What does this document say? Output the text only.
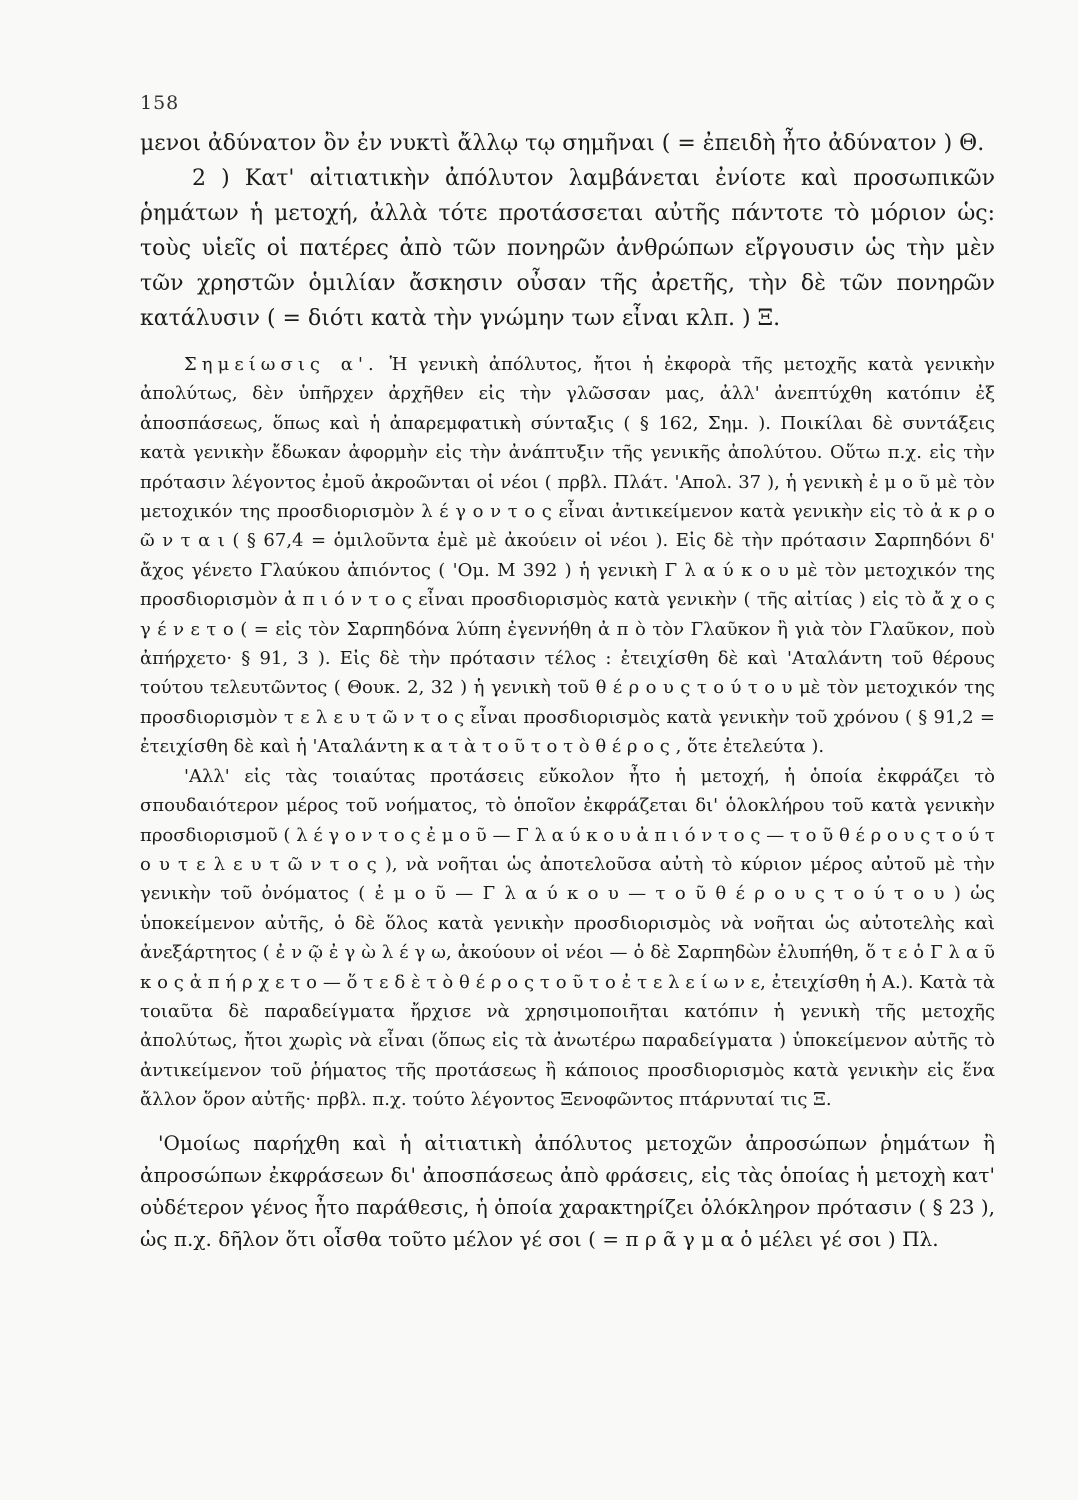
158

μενοι ἀδύνατον ὂν ἐν νυκτὶ ἄλλῳ τῳ σημῆναι ( = ἐπειδὴ ἦτο ἀδύνατον ) Θ.

2 ) Κατ' αἰτιατικὴν ἀπόλυτον λαμβάνεται ἐνίοτε καὶ προσωπικῶν ῥημάτων ἡ μετοχή, ἀλλὰ τότε προτάσσεται αὐτῆς πάντοτε τὸ μόριον ὡς: τοὺς υἱεῖς οἱ πατέρες ἀπὸ τῶν πονηρῶν ἀνθρώπων εἴργουσιν ὡς τὴν μὲν τῶν χρηστῶν ὁμιλίαν ἄσκησιν οὖσαν τῆς ἀρετῆς, τὴν δὲ τῶν πονηρῶν κατάλυσιν ( = διότι κατὰ τὴν γνώμην των εἶναι κλπ. ) Ξ.

Σημείωσις α'. Ἡ γενικὴ ἀπόλυτος, ἤτοι ἡ ἐκφορὰ τῆς μετοχῆς κατὰ γενικὴν ἀπολύτως, δὲν ὑπῆρχεν ἀρχῆθεν εἰς τὴν γλῶσσαν μας, ἀλλ' ἀνεπτύχθη κατόπιν ἐξ ἀποσπάσεως, ὅπως καὶ ἡ ἀπαρεμφατικὴ σύνταξις ( § 162, Σημ. ). Ποικίλαι δὲ συντάξεις κατὰ γενικὴν ἔδωκαν ἀφορμὴν εἰς τὴν ἀνάπτυξιν τῆς γενικῆς ἀπολύτου. Οὕτω π.χ. εἰς τὴν πρότασιν λέγοντος ἐμοῦ ἀκροῶνται οἱ νέοι ( πρβλ. Πλάτ. 'Απολ. 37 ), ἡ γενικὴ ἐ μ ο ῦ μὲ τὸν μετοχικόν της προσδιορισμὸν λ έ γ ο ν τ ο ς εἶναι ἀντικείμενον κατὰ γενικὴν εἰς τὸ ἀ κ ρ ο ῶ ν τ α ι ( § 67,4 = ὁμιλοῦντα ἐμὲ μὲ ἀκούειν οἱ νέοι ). Εἰς δὲ τὴν πρότασιν Σαρπηδόνι δ' ἄχος γένετο Γλαύκου ἀπιόντος ( 'Ομ. Μ 392 ) ἡ γενικὴ Γ λ α ύ κ ο υ μὲ τὸν μετοχικόν της προσδιορισμὸν ἀ π ι ό ν τ ο ς εἶναι προσδιορισμὸς κατὰ γενικὴν ( τῆς αἰτίας ) εἰς τὸ ἄ χ ο ς γ έ ν ε τ ο ( = εἰς τὸν Σαρπηδόνα λύπη ἐγεννήθη ἀ π ὸ τὸν Γλαῦκον ἢ γιὰ τὸν Γλαῦκον, ποὺ ἀπήρχετο· § 91, 3 ). Εἰς δὲ τὴν πρότασιν τέλος : ἐτειχίσθη δὲ καὶ 'Αταλάντη τοῦ θέρους τούτου τελευτῶντος ( Θουκ. 2, 32 ) ἡ γενικὴ τοῦ θ έ ρ ο υ ς τ ο ύ τ ο υ μὲ τὸν μετοχικόν της προσδιορισμὸν τ ε λ ε υ τ ῶ ν τ ο ς εἶναι προσδιορισμὸς κατὰ γενικὴν τοῦ χρόνου ( § 91,2 = ἐτειχίσθη δὲ καὶ ἡ 'Αταλάντη κ α τ ὰ τ ο ῦ τ ο τ ὸ θ έ ρ ο ς , ὅτε ἐτελεύτα ).

'Αλλ' εἰς τὰς τοιαύτας προτάσεις εὔκολον ἦτο ἡ μετοχή, ἡ ὁποία ἐκφράζει τὸ σπουδαιότερον μέρος τοῦ νοήματος, τὸ ὁποῖον ἐκφράζεται δι' ὁλοκλήρου τοῦ κατὰ γενικὴν προσδιορισμοῦ ( λ έ γ ο ν τ ο ς ἐ μ ο ῦ — Γ λ α ύ κ ο υ ἀ π ι ό ν τ ο ς — τ ο ῦ θ έ ρ ο υ ς τ ο ύ τ ο υ τ ε λ ε υ τ ῶ ν τ ο ς ), νὰ νοῆται ὡς ἀποτελοῦσα αὐτὴ τὸ κύριον μέρος αὐτοῦ μὲ τὴν γενικὴν τοῦ ὀνόματος ( ἐ μ ο ῦ — Γ λ α ύ κ ο υ — τ ο ῦ θ έ ρ ο υ ς τ ο ύ τ ο υ ) ὡς ὑποκείμενον αὐτῆς, ὁ δὲ ὅλος κατὰ γενικὴν προσδιορισμὸς νὰ νοῆται ὡς αὐτοτελὴς καὶ ἀνεξάρτητος ( ἐ ν ῷ ἐ γ ὼ λ έ γ ω, ἀκούουν οἱ νέοι — ὁ δὲ Σαρπηδὼν ἐλυπήθη, ὅ τ ε ὁ Γ λ α ῦ κ ο ς ἀ π ή ρ χ ε τ ο — ὅ τ ε δ ὲ τ ὸ θ έ ρ ο ς τ ο ῦ τ ο ἐ τ ε λ ε ί ω ν ε, ἐτειχίσθη ἡ Α.). Κατὰ τὰ τοιαῦτα δὲ παραδείγματα ἤρχισε νὰ χρησιμοποιῆται κατόπιν ἡ γενικὴ τῆς μετοχῆς ἀπολύτως, ἤτοι χωρὶς νὰ εἶναι (ὅπως εἰς τὰ ἀνωτέρω παραδείγματα ) ὑποκείμενον αὐτῆς τὸ ἀντικείμενον τοῦ ῥήματος τῆς προτάσεως ἢ κάποιος προσδιορισμὸς κατὰ γενικὴν εἰς ἕνα ἄλλον ὅρον αὐτῆς· πρβλ. π.χ. τούτο λέγοντος Ξενοφῶντος πτάρνυταί τις Ξ.

'Ομοίως παρήχθη καὶ ἡ αἰτιατικὴ ἀπόλυτος μετοχῶν ἀπροσώπων ῥημάτων ἢ ἀπροσώπων ἐκφράσεων δι' ἀποσπάσεως ἀπὸ φράσεις, εἰς τὰς ὁποίας ἡ μετοχὴ κατ' οὐδέτερον γένος ἦτο παράθεσις, ἡ ὁποία χαρακτηρίζει ὁλόκληρον πρότασιν ( § 23 ), ὡς π.χ. δῆλον ὅτι οἶσθα τοῦτο μέλον γέ σοι ( = π ρ ᾶ γ μ α ὁ μέλει γέ σοι ) Πλ.
